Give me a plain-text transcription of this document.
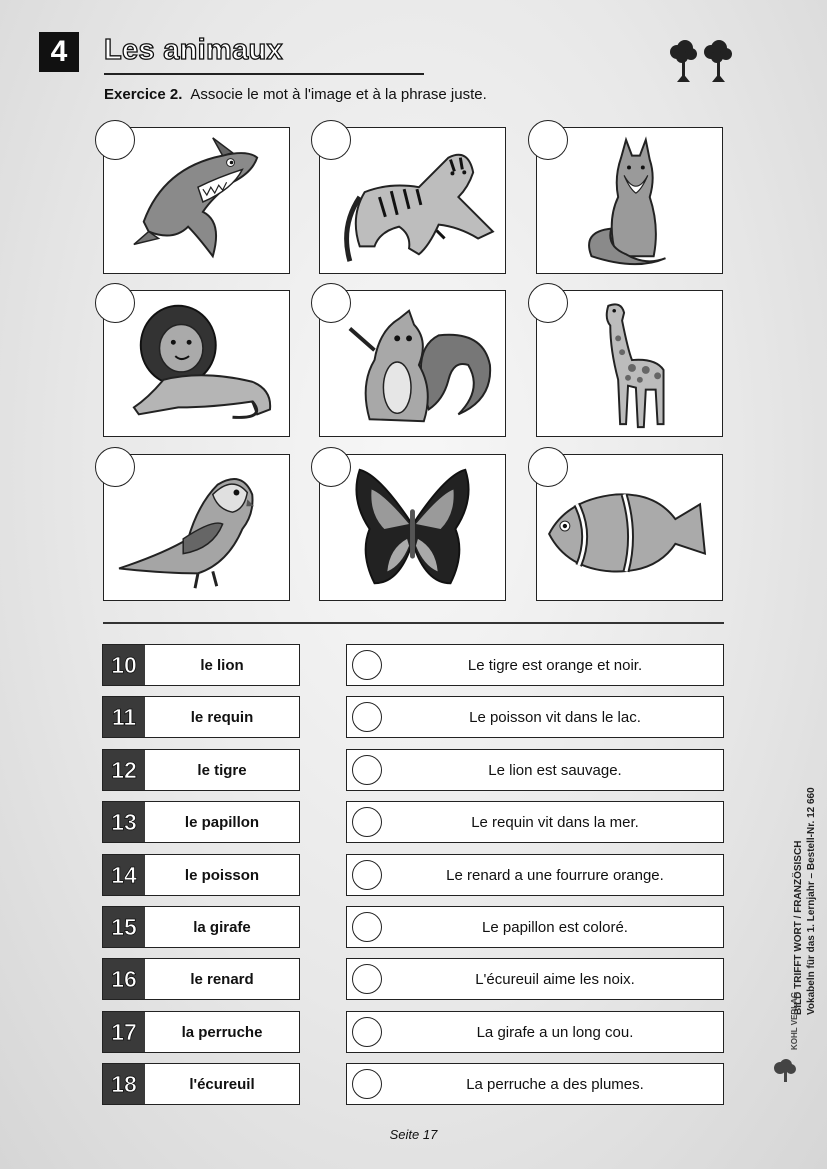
4	Les animaux
Exercice 2. Associe le mot à l'image et à la phrase juste.
10	le lion
11	le requin
12	le tigre
13	le papillon
14	le poisson
15	la girafe
16	le renard
17	la perruche
18	l'écureuil
Le tigre est orange et noir.
Le poisson vit dans le lac.
Le lion est sauvage.
Le requin vit dans la mer.
Le renard a une fourrure orange.
Le papillon est coloré.
L'écureuil aime les noix.
La girafe a un long cou.
La perruche a des plumes.
BILD TRIFFT WORT / FRANZÖSISCH Vokabeln für das 1. Lernjahr – Bestell-Nr. 12 660
KOHL VERLAG
Seite 17
